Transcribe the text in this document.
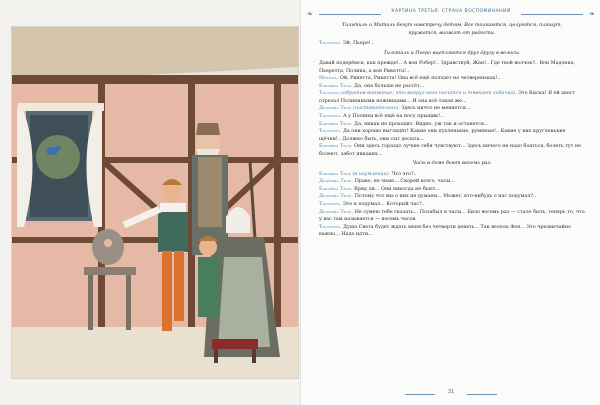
❧	КАРТИНА ТРЕТЬЯ. СТРАНА ВОСПОМИНАНИЙ	❧

Тильтиль и Митиль бегут навстречу детям. Все толкаются, целуются, пляшут, кружатся, визжат от радости.

Тильтиль. Эй, Пьеро!..

Тильтиль и Пьеро вцепляются друг другу в волосы.

Давай подерёмся, как прежде!.. А вон Робер!.. Здравствуй, Жан!.. Где твой волчок?.. Вон Мадлена, Пьеретта, Полина, а вон Рикетта!..

Митиль. Ой, Рикетта, Рикетта! Она всё ещё ползает на четвереньках!..

Бабушка Тиль. Да, она больше не растёт...

Тильтиль (обратив внимание, что вокруг него носится и тявкает собачка). Это Киска! Я ей хвост отрезал Полиниными ножницами... И она всё такая же...

Дедушка Тиль (наставительно). Здесь ничто не меняется...

Тильтиль. А у Полины всё ещё на носу прыщик!..

Бабушка Тиль. Да, никак не проходит. Видно, уж так и останется...

Тильтиль. Да они хорошо выглядят! Какие они пухленькие, румяные!.. Какие у них кругленькие щёчки!.. Должно быть, они сыт досыта...

Бабушка Тиль. Они здесь гораздо лучше себя чувствуют... Здесь ничего не надо бояться, болеть тут не болеют, забот никаких...

Часы в доме бьют восемь раз.

Бабушка Тиль (в изумлении). Что это?..

Дедушка Тиль. Право, не знаю... Скорей всего, часы...

Бабушка Тиль. Вряд ли... Они никогда не бьют...

Дедушка Тиль. Потому что мы о них не думаем... Может, кто-нибудь о нас подумал?..

Тильтиль. Это я подумал... Который час?..

Дедушка Тиль. Не сумею тебе сказать... Позабыл я часы... Било восемь раз — стало быть, теперь то, что у вас там называется — восемь часов.

Тильтиль. Душа Света будет ждать меня без четверти девять... Так велела Фея... Это чрезвычайно важно... Надо идти...

31
